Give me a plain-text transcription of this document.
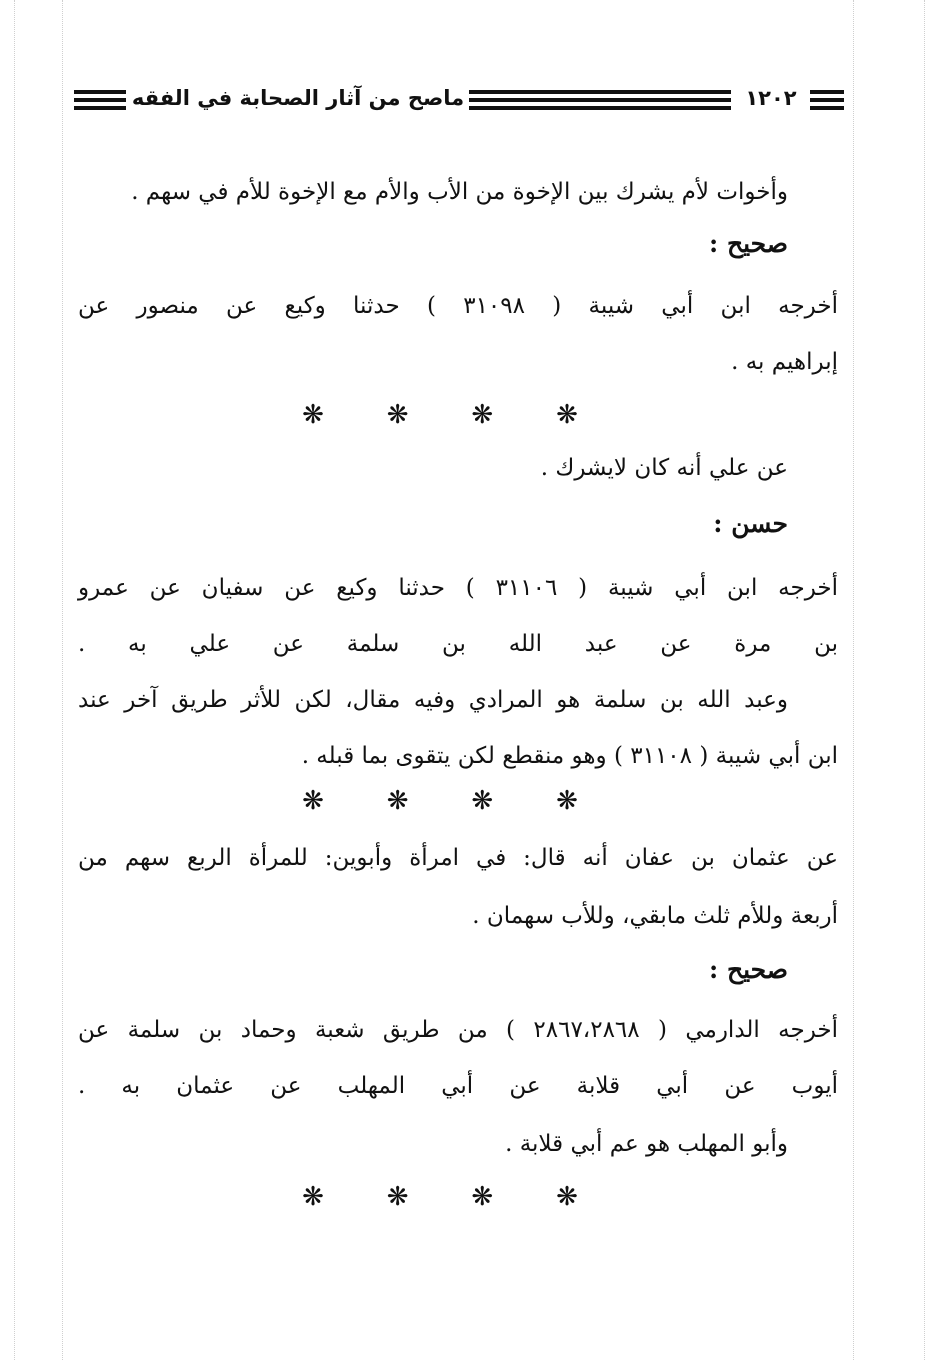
ماصح من آثار الصحابة في الفقه	١٢٠٢
وأخوات لأم يشرك بين الإخوة من الأب والأم مع الإخوة للأم في سهم .
صحيح :
أخرجه ابن أبي شيبة ( ٣١٠٩٨ ) حدثنا وكيع عن منصور عن
إبراهيم به .
❋ ❋ ❋ ❋
عن علي أنه كان لايشرك .
حسن :
أخرجه ابن أبي شيبة ( ٣١١٠٦ ) حدثنا وكيع عن سفيان عن عمرو
بن مرة عن عبد الله بن سلمة عن علي به .
وعبد الله بن سلمة هو المرادي وفيه مقال، لكن للأثر طريق آخر عند
ابن أبي شيبة ( ٣١١٠٨ ) وهو منقطع لكن يتقوى بما قبله .
❋ ❋ ❋ ❋
عن عثمان بن عفان أنه قال: في امرأة وأبوين: للمرأة الربع سهم من
أربعة وللأم ثلث مابقي، وللأب سهمان .
صحيح :
أخرجه الدارمي ( ٢٨٦٧،٢٨٦٨ ) من طريق شعبة وحماد بن سلمة عن
أيوب عن أبي قلابة عن أبي المهلب عن عثمان به .
وأبو المهلب هو عم أبي قلابة .
❋ ❋ ❋ ❋
